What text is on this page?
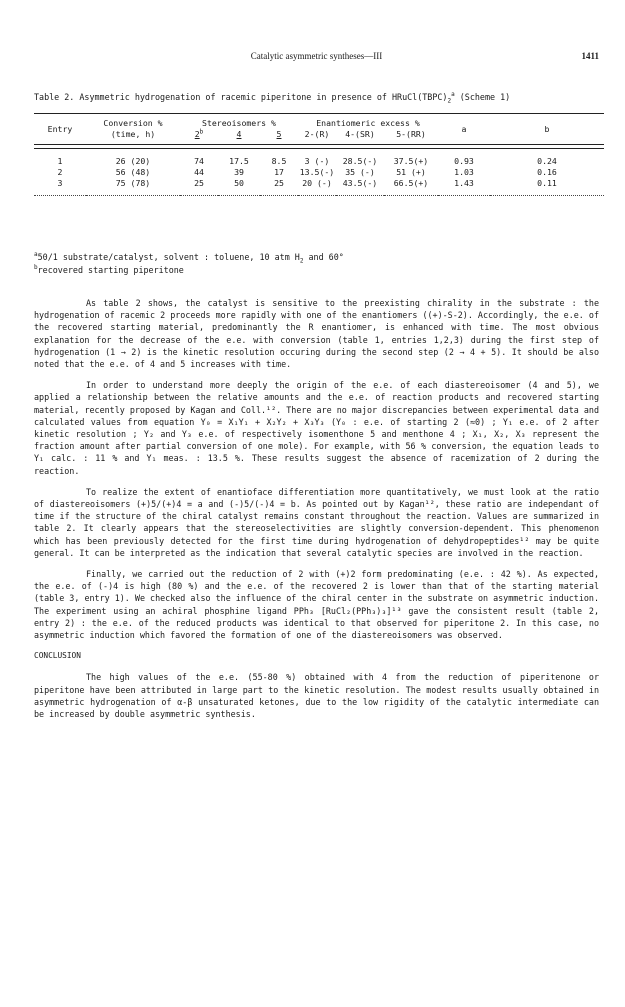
Catalytic asymmetric syntheses—III	1411
Table 2. Asymmetric hydrogenation of racemic piperitone in presence of $HRuCl(TBPC)_2^a$ (Scheme 1)

Entry	Conversion %	Stereoisomers %			Enantiomeric excess %			a	b
	(time, h)	2$^b$	4	5	2-(R)	4-(SR)	5-(RR)		

1	26 (20)	74	17.5	8.5	3 (-)	28.5(-)	37.5(+)	0.93	0.24
2	56 (48)	44	39	17	13.5(-)	35 (-)	51 (+)	1.03	0.16
3	75 (78)	25	50	25	20 (-)	43.5(-)	66.5(+)	1.43	0.11

$^a$50/1 substrate/catalyst, solvent : toluene, 10 atm $H_2$ and 60°
$^b$recovered starting piperitone

As table 2 shows, the catalyst is sensitive to the preexisting chirality in the substrate : the hydrogenation of racemic 2 proceeds more rapidly with one of the enantiomers ((+)-S-2). Accordingly, the e.e. of the recovered starting material, predominantly the R enantiomer, is enhanced with time. The most obvious explanation for the decrease of the e.e. with conversion (table 1, entries 1,2,3) during the first step of hydrogenation (1 → 2) is the kinetic resolution occuring during the second step (2 → 4 + 5). It should be also noted that the e.e. of 4 and 5 increases with time.

In order to understand more deeply the origin of the e.e. of each diastereoisomer (4 and 5), we applied a relationship between the relative amounts and the e.e. of reaction products and recovered starting material, recently proposed by Kagan and Coll.¹². There are no major discrepancies between experimental data and calculated values from equation Y₀ = X₁Y₁ + X₂Y₂ + X₃Y₃ (Y₀ : e.e. of starting 2 (≈0) ; Y₁ e.e. of 2 after kinetic resolution ; Y₂ and Y₃ e.e. of respectively isomenthone 5 and menthone 4 ; X₁, X₂, X₃ represent the fraction amount after partial conversion of one mole). For example, with 56 % conversion, the equation leads to Y₁ calc. : 11 % and Y₁ meas. : 13.5 %. These results suggest the absence of racemization of 2 during the reaction.

To realize the extent of enantioface differentiation more quantitatively, we must look at the ratio of diastereoisomers (+)5/(+)4 = a and (-)5/(-)4 = b. As pointed out by Kagan¹², these ratio are independant of time if the structure of the chiral catalyst remains constant throughout the reaction. Values are summarized in table 2. It clearly appears that the stereoselectivities are slightly conversion-dependent. This phenomenon which has been previously detected for the first time during hydrogenation of dehydropeptides¹² may be quite general. It can be interpreted as the indication that several catalytic species are involved in the reaction.

Finally, we carried out the reduction of 2 with (+)2 form predominating (e.e. : 42 %). As expected, the e.e. of (-)4 is high (80 %) and the e.e. of the recovered 2 is lower than that of the starting material (table 3, entry 1). We checked also the influence of the chiral center in the substrate on asymmetric induction. The experiment using an achiral phosphine ligand PPh₃ [RuCl₂(PPh₃)₃]¹³ gave the consistent result (table 2, entry 2) : the e.e. of the reduced products was identical to that observed for piperitone 2. In this case, no asymmetric induction which favored the formation of one of the diastereoisomers was observed.

CONCLUSION

The high values of the e.e. (55-80 %) obtained with 4 from the reduction of piperitenone or piperitone have been attributed in large part to the kinetic resolution. The modest results usually obtained in asymmetric hydrogenation of α-β unsaturated ketones, due to the low rigidity of the catalytic intermediate can be increased by double asymmetric synthesis.
